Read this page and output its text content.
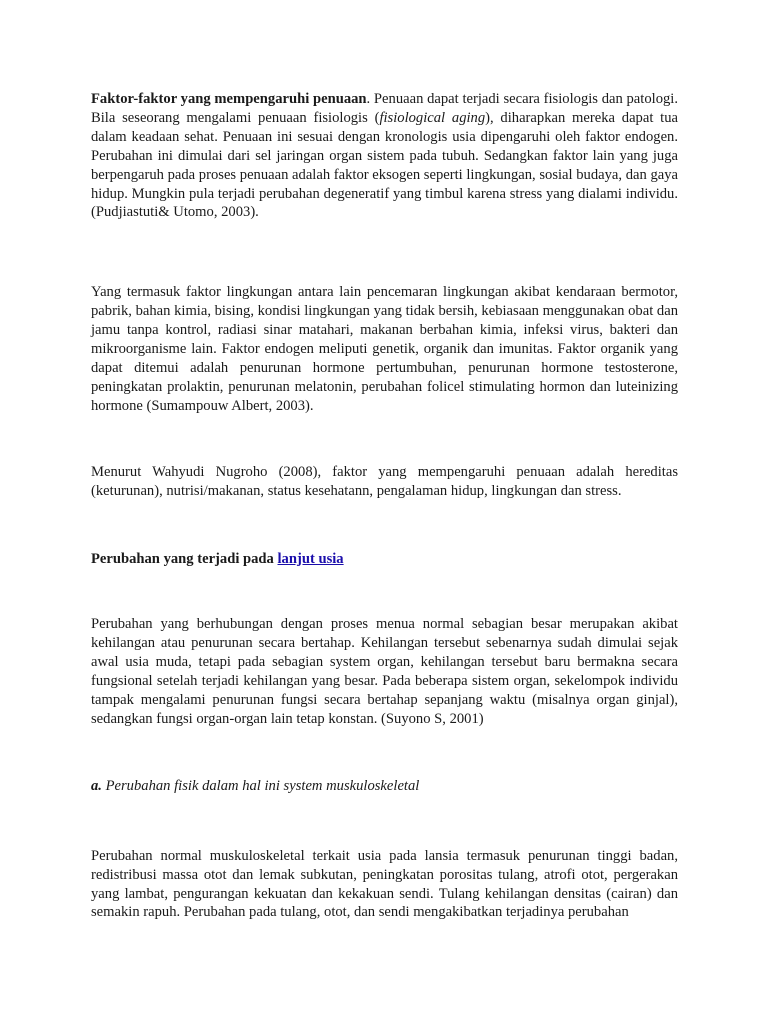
Faktor-faktor yang mempengaruhi penuaan. Penuaan dapat terjadi secara fisiologis dan patologi. Bila seseorang mengalami penuaan fisiologis (fisiological aging), diharapkan mereka dapat tua dalam keadaan sehat. Penuaan ini sesuai dengan kronologis usia dipengaruhi oleh faktor endogen. Perubahan ini dimulai dari sel jaringan organ sistem pada tubuh. Sedangkan faktor lain yang juga berpengaruh pada proses penuaan adalah faktor eksogen seperti lingkungan, sosial budaya, dan gaya hidup. Mungkin pula terjadi perubahan degeneratif yang timbul karena stress yang dialami individu. (Pudjiastuti& Utomo, 2003).

Yang termasuk faktor lingkungan antara lain pencemaran lingkungan akibat kendaraan bermotor, pabrik, bahan kimia, bising, kondisi lingkungan yang tidak bersih, kebiasaan menggunakan obat dan jamu tanpa kontrol, radiasi sinar matahari, makanan berbahan kimia, infeksi virus, bakteri dan mikroorganisme lain. Faktor endogen meliputi genetik, organik dan imunitas. Faktor organik yang dapat ditemui adalah penurunan hormone pertumbuhan, penurunan hormone testosterone, peningkatan prolaktin, penurunan melatonin, perubahan folicel stimulating hormon dan luteinizing hormone (Sumampouw Albert, 2003).

Menurut Wahyudi Nugroho (2008), faktor yang mempengaruhi penuaan adalah hereditas (keturunan), nutrisi/makanan, status kesehatann, pengalaman hidup, lingkungan dan stress.

Perubahan yang terjadi pada lanjut usia

Perubahan yang berhubungan dengan proses menua normal sebagian besar merupakan akibat kehilangan atau penurunan secara bertahap. Kehilangan tersebut sebenarnya sudah dimulai sejak awal usia muda, tetapi pada sebagian system organ, kehilangan tersebut baru bermakna secara fungsional setelah terjadi kehilangan yang besar. Pada beberapa sistem organ, sekelompok individu tampak mengalami penurunan fungsi secara bertahap sepanjang waktu (misalnya organ ginjal), sedangkan fungsi organ-organ lain tetap konstan. (Suyono S, 2001)

a. Perubahan fisik dalam hal ini system muskuloskeletal

Perubahan normal muskuloskeletal terkait usia pada lansia termasuk penurunan tinggi badan, redistribusi massa otot dan lemak subkutan, peningkatan porositas tulang, atrofi otot, pergerakan yang lambat, pengurangan kekuatan dan kekakuan sendi. Tulang kehilangan densitas (cairan) dan semakin rapuh. Perubahan pada tulang, otot, dan sendi mengakibatkan terjadinya perubahan
